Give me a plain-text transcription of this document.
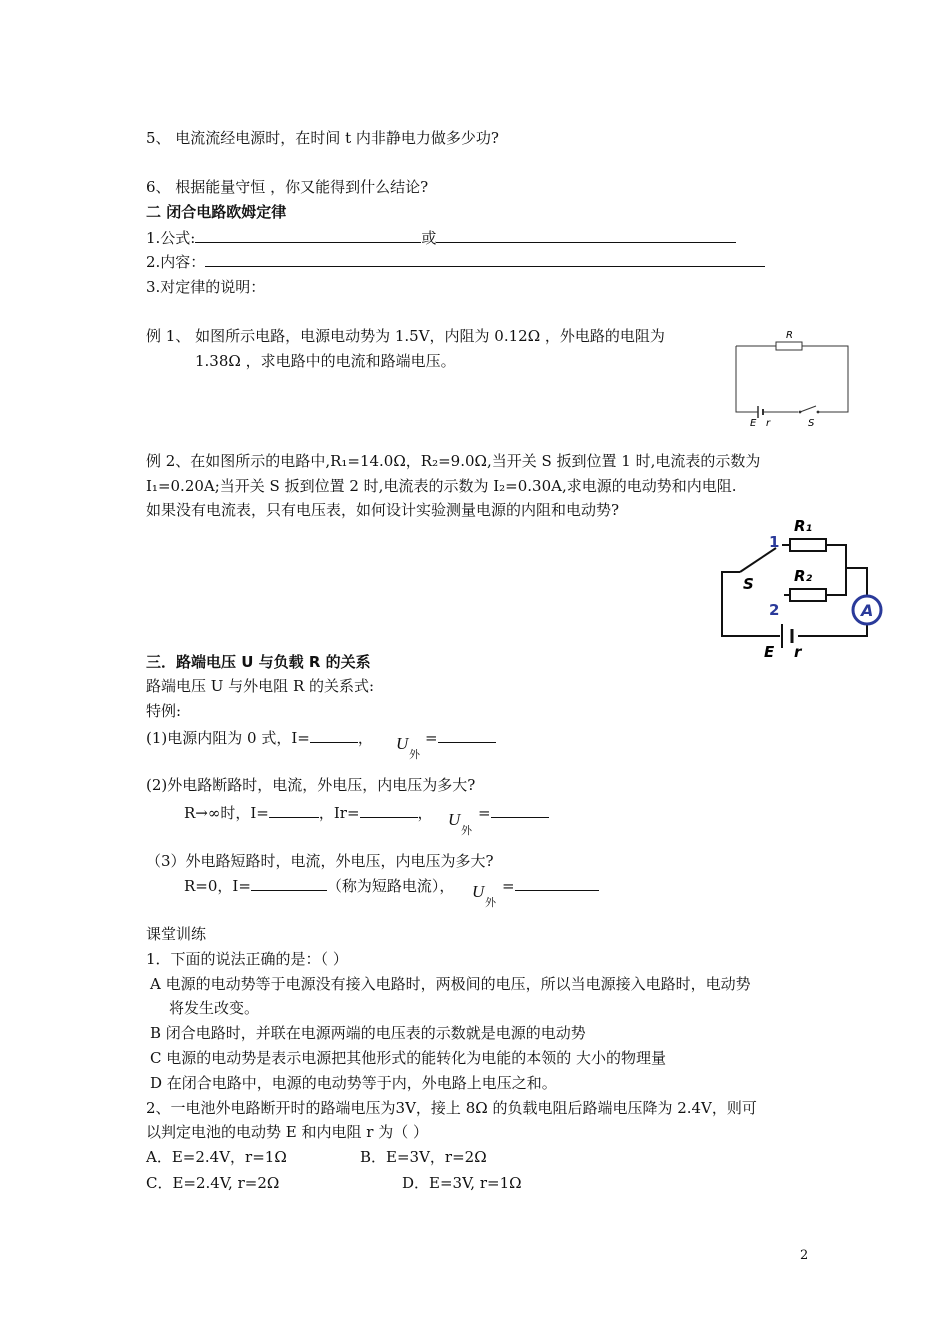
5、 电流流经电源时，在时间 t 内非静电力做多少功?
6、 根据能量守恒 ，你又能得到什么结论?
二 闭合电路欧姆定律
1.公式:	或
2.内容：
3.对定律的说明：
例 1、 如图所示电路，电源电动势为 1.5V，内阻为 0.12Ω ，外电路的电阻为
1.38Ω ，求电路中的电流和路端电压。
R
E r	S
例 2、在如图所示的电路中,R₁=14.0Ω，R₂=9.0Ω,当开关 S 扳到位置 1 时,电流表的示数为
I₁=0.20A;当开关 S 扳到位置 2 时,电流表的示数为 I₂=0.30A,求电源的电动势和内电阻.
如果没有电流表，只有电压表，如何设计实验测量电源的内阻和电动势?
A
R₁
R₂
1
2
S
E r
三．路端电压 U 与负载 R 的关系
路端电压 U 与外电阻 R 的关系式:
特例:
(1)电源内阻为 0 式，I=	， U
外
=
(2)外电路断路时，电流，外电压，内电压为多大?
R→∞时，I=	，Ir=	， U
外
=
（3）外电路短路时，电流，外电压，内电压为多大?
R=0，I=	（称为短路电流）， U
外
=
课堂训练
1．下面的说法正确的是：（ ）
A 电源的电动势等于电源没有接入电路时，两极间的电压，所以当电源接入电路时，电动势
将发生改变。
B 闭合电路时，并联在电源两端的电压表的示数就是电源的电动势
C 电源的电动势是表示电源把其他形式的能转化为电能的本领的 大小的物理量
D 在闭合电路中，电源的电动势等于内，外电路上电压之和。
2、一电池外电路断开时的路端电压为3V，接上 8Ω 的负载电阻后路端电压降为 2.4V，则可
以判定电池的电动势 E 和内电阻 r 为（ ）
A．E=2.4V，r=1Ω	B．E=3V，r=2Ω
C．E=2.4V, r=2Ω	D．E=3V, r=1Ω
2
